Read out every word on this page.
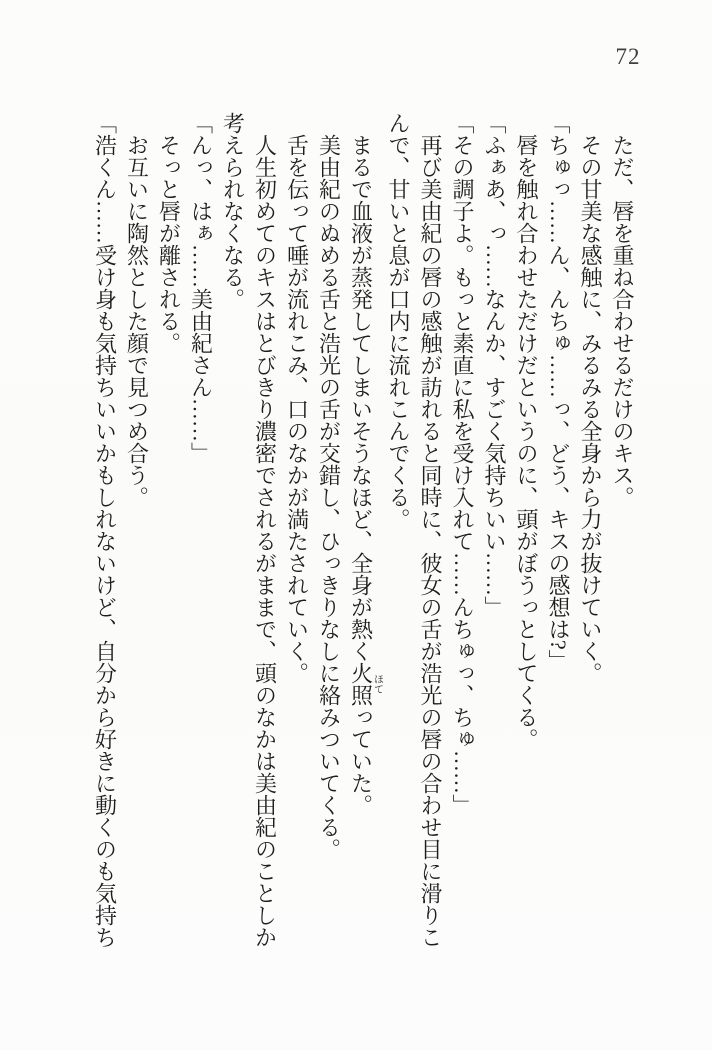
72

ただ、唇を重ね合わせるだけのキス。

その甘美な感触に、みるみる全身から力が抜けていく。

「ちゅっ……ん、んちゅ……っ、どう、キスの感想は?」

唇を触れ合わせただけだというのに、頭がぼうっとしてくる。

「ふぁあ、っ……なんか、すごく気持ちいい……」

「その調子よ。もっと素直に私を受け入れて……んちゅっ、ちゅ……」

再び美由紀の唇の感触が訪れると同時に、彼女の舌が浩光の唇の合わせ目に滑りこんで、甘いと息が口内に流れこんでくる。

まるで血液が蒸発してしまいそうなほど、全身が熱く火照ほてっていた。

美由紀のぬめる舌と浩光の舌が交錯し、ひっきりなしに絡みついてくる。

舌を伝って唾が流れこみ、口のなかが満たされていく。

人生初めてのキスはとびきり濃密でされるがままで、頭のなかは美由紀のことしか考えられなくなる。

「んっ、はぁ……美由紀さん……」

そっと唇が離される。

お互いに陶然とした顔で見つめ合う。

「浩くん……受け身も気持ちいいかもしれないけど、自分から好きに動くのも気持ち
